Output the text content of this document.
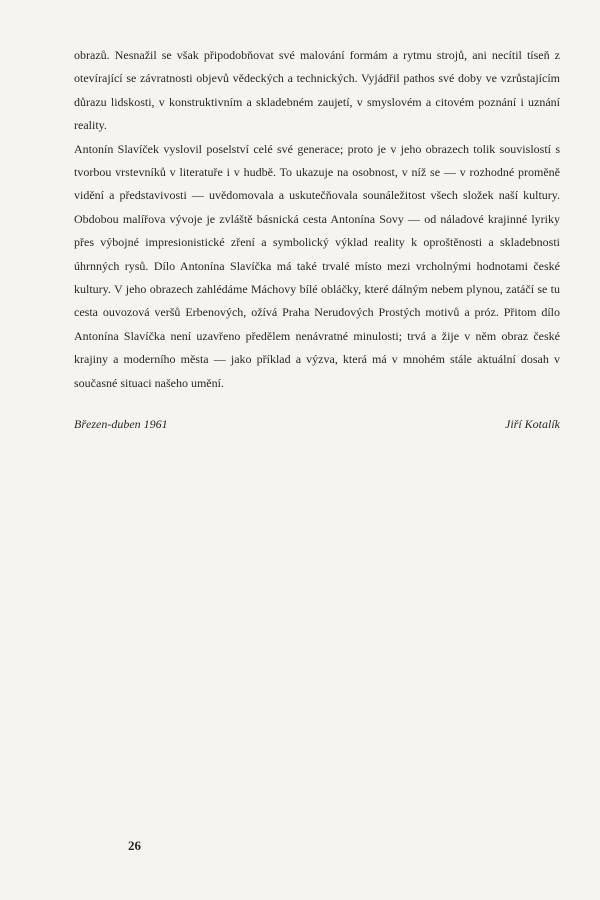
obrazů. Nesnažil se však připodobňovat své malování formám a rytmu strojů, ani necítil tíseň z otevírající se závratnosti objevů vědeckých a technických. Vyjádřil pathos své doby ve vzrůstajícím důrazu lidskosti, v konstruktivním a skladebném zaujetí, v smyslovém a citovém poznání i uznání reality.

Antonín Slavíček vyslovil poselství celé své generace; proto je v jeho obrazech tolik souvislostí s tvorbou vrstevníků v literatuře i v hudbě. To ukazuje na osobnost, v níž se — v rozhodné proměně vidění a představivosti — uvědomovala a uskutečňovala sounáležitost všech složek naší kultury. Obdobou malířova vývoje je zvláště básnická cesta Antonína Sovy — od náladové krajinné lyriky přes výbojné impresionistické zření a symbolický výklad reality k oproštěnosti a skladebnosti úhrnných rysů. Dílo Antonína Slavíčka má také trvalé místo mezi vrcholnými hodnotami české kultury. V jeho obrazech zahlédáme Máchovy bílé obláčky, které dálným nebem plynou, zatáčí se tu cesta ouvozová veršů Erbenových, ožívá Praha Nerudových Prostých motivů a próz. Přitom dílo Antonína Slavíčka není uzavřeno předělem nenávratné minulosti; trvá a žije v něm obraz české krajiny a moderního města — jako příklad a výzva, která má v mnohém stále aktuální dosah v současné situaci našeho umění.

Březen-duben 1961	Jiří Kotalík
26
